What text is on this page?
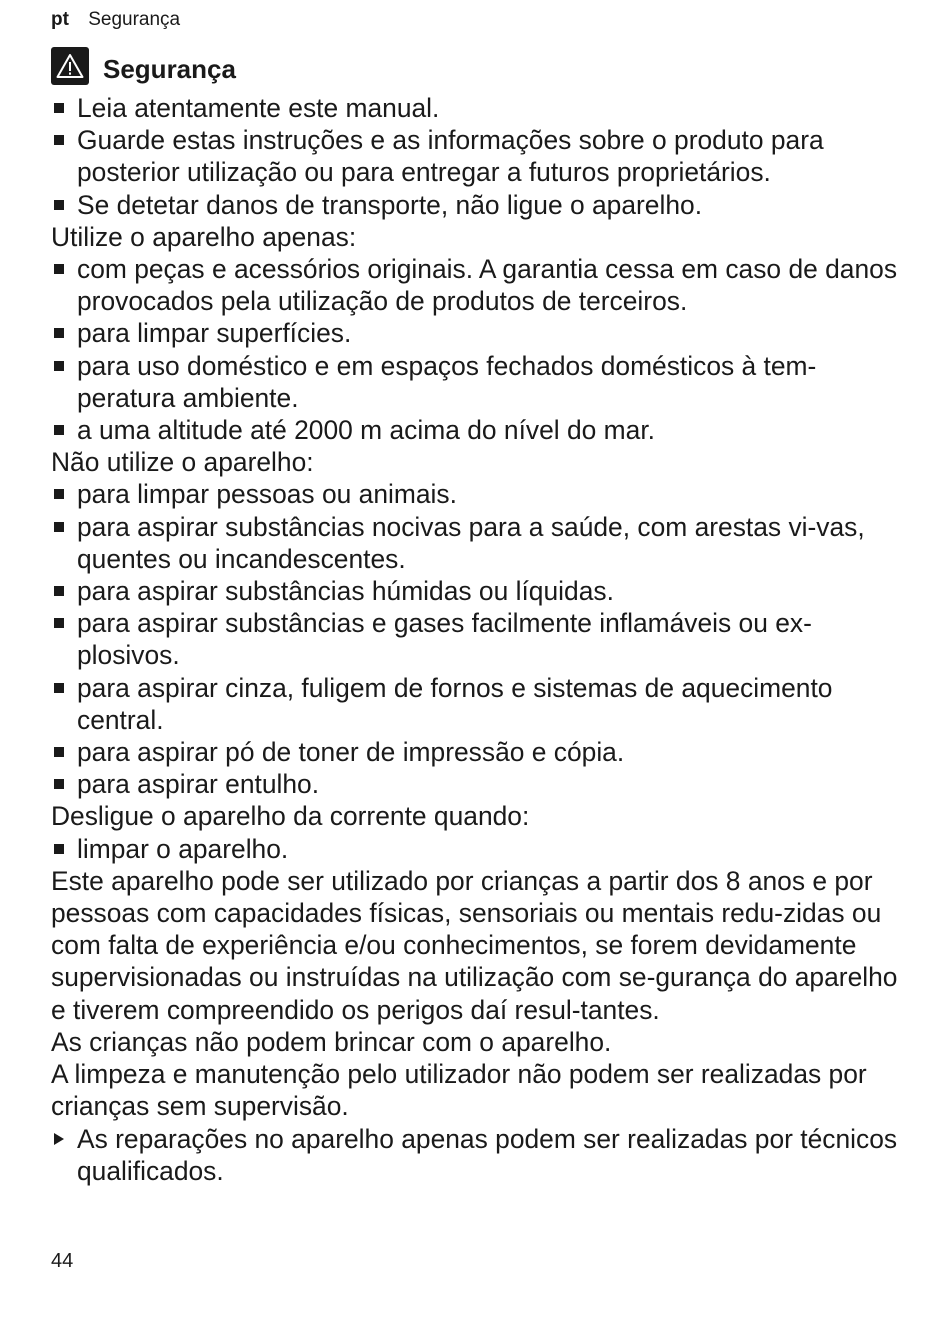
pt Segurança
Segurança
Leia atentamente este manual.
Guarde estas instruções e as informações sobre o produto para posterior utilização ou para entregar a futuros proprietários.
Se detetar danos de transporte, não ligue o aparelho.

Utilize o aparelho apenas:

com peças e acessórios originais. A garantia cessa em caso de danos provocados pela utilização de produtos de terceiros.
para limpar superfícies.
para uso doméstico e em espaços fechados domésticos à tem-peratura ambiente.
a uma altitude até 2000 m acima do nível do mar.

Não utilize o aparelho:

para limpar pessoas ou animais.
para aspirar substâncias nocivas para a saúde, com arestas vi-vas, quentes ou incandescentes.
para aspirar substâncias húmidas ou líquidas.
para aspirar substâncias e gases facilmente inflamáveis ou ex-plosivos.
para aspirar cinza, fuligem de fornos e sistemas de aquecimento central.
para aspirar pó de toner de impressão e cópia.
para aspirar entulho.

Desligue o aparelho da corrente quando:

limpar o aparelho.

Este aparelho pode ser utilizado por crianças a partir dos 8 anos e por pessoas com capacidades físicas, sensoriais ou mentais redu-zidas ou com falta de experiência e/ou conhecimentos, se forem devidamente supervisionadas ou instruídas na utilização com se-gurança do aparelho e tiverem compreendido os perigos daí resul-tantes.

As crianças não podem brincar com o aparelho.

A limpeza e manutenção pelo utilizador não podem ser realizadas por crianças sem supervisão.

As reparações no aparelho apenas podem ser realizadas por técnicos qualificados.
44
